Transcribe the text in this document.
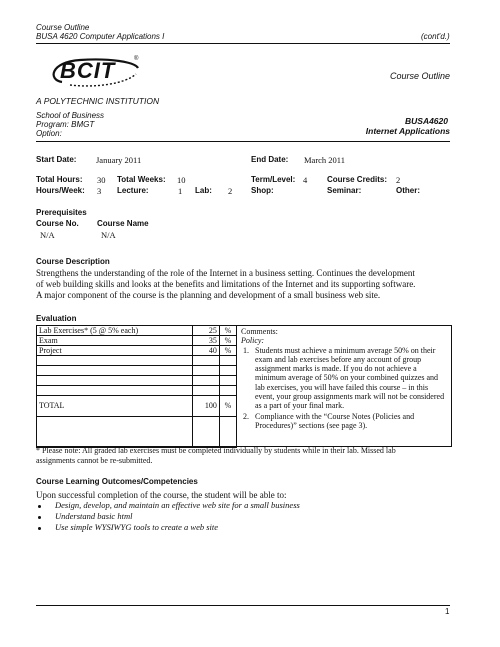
Course Outline
BUSA 4620 Computer Applications I	(cont'd.)
BCIT	®
A POLYTECHNIC INSTITUTION
School of Business
Program: BMGT
Option:
Course Outline
BUSA4620
Internet Applications
Start Date: January 2011	End Date: March 2011
Total Hours: 30 Total Weeks: 10	Term/Level: 4 Course Credits: 2
Hours/Week: 3 Lecture:	1 Lab: 2 Shop:	Seminar:	Other:
Prerequisites
Course No. Course Name
N/A	N/A
Course Description
Strengthens the understanding of the role of the Internet in a business setting. Continues the development
of web building skills and looks at the benefits and limitations of the Internet and its supporting software.
A major component of the course is the planning and development of a small business web site.
Evaluation
Lab Exercises* (5 @ 5% each)	25	%
Exam	35	%
Project	40	%

TOTAL	100	%

Comments:
Policy:
1. Students must achieve a minimum average 50% on their
exam and lab exercises before any account of group
assignment marks is made. If you do not achieve a
minimum average of 50% on your combined quizzes and
lab exercises, you will have failed this course – in this
event, your group assignments mark will not be considered
as a part of your final mark.
2. Compliance with the “Course Notes (Policies and
Procedures)” sections (see page 3).
* Please note: All graded lab exercises must be completed individually by students while in their lab. Missed lab
assignments cannot be re-submitted.
Course Learning Outcomes/Competencies
Upon successful completion of the course, the student will be able to:
Design, develop, and maintain an effective web site for a small business
Understand basic html
Use simple WYSIWYG tools to create a web site
1
